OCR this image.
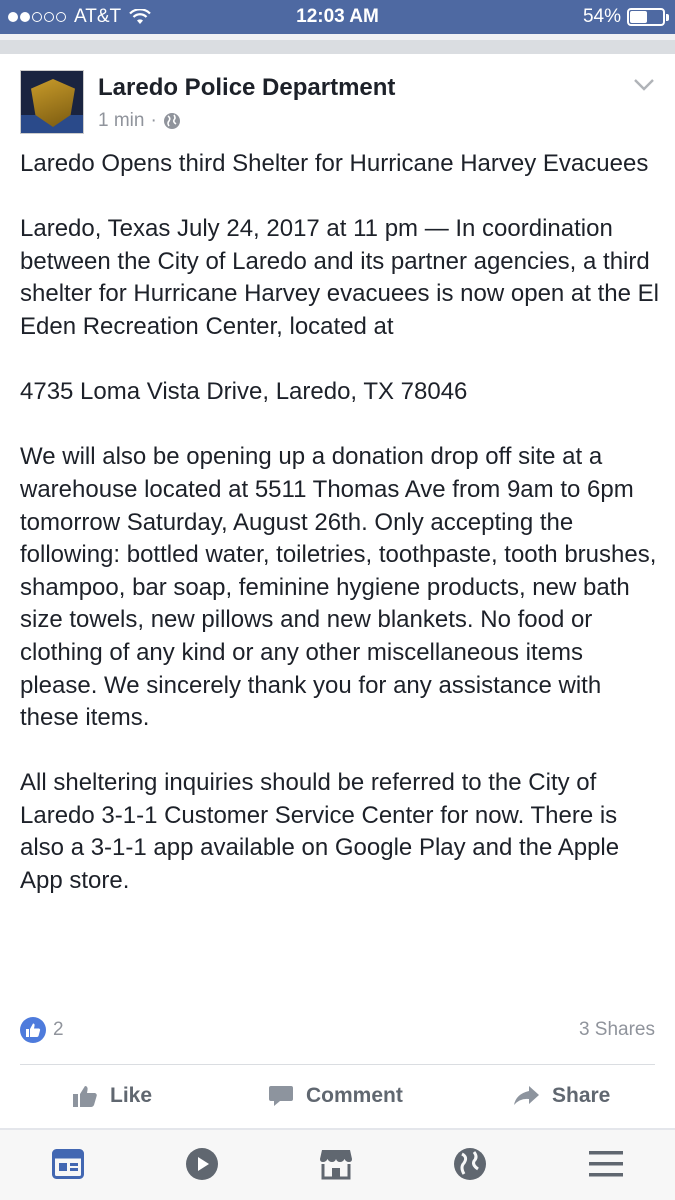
AT&T	12:03 AM	54%
Laredo Police Department
1 min ·

Laredo Opens third Shelter for Hurricane Harvey Evacuees

Laredo, Texas July 24, 2017 at 11 pm — In coordination between the City of Laredo and its partner agencies, a third shelter for Hurricane Harvey evacuees is now open at the El Eden Recreation Center, located at

4735 Loma Vista Drive, Laredo, TX 78046

We will also be opening up a donation drop off site at a warehouse located at 5511 Thomas Ave from 9am to 6pm tomorrow Saturday, August 26th. Only accepting the following: bottled water, toiletries, toothpaste, tooth brushes, shampoo, bar soap, feminine hygiene products, new bath size towels, new pillows and new blankets. No food or clothing of any kind or any other miscellaneous items please. We sincerely thank you for any assistance with these items.

All sheltering inquiries should be referred to the City of Laredo 3-1-1 Customer Service Center for now. There is also a 3-1-1 app available on Google Play and the Apple App store.

2	3 Shares
Like	Comment	Share
